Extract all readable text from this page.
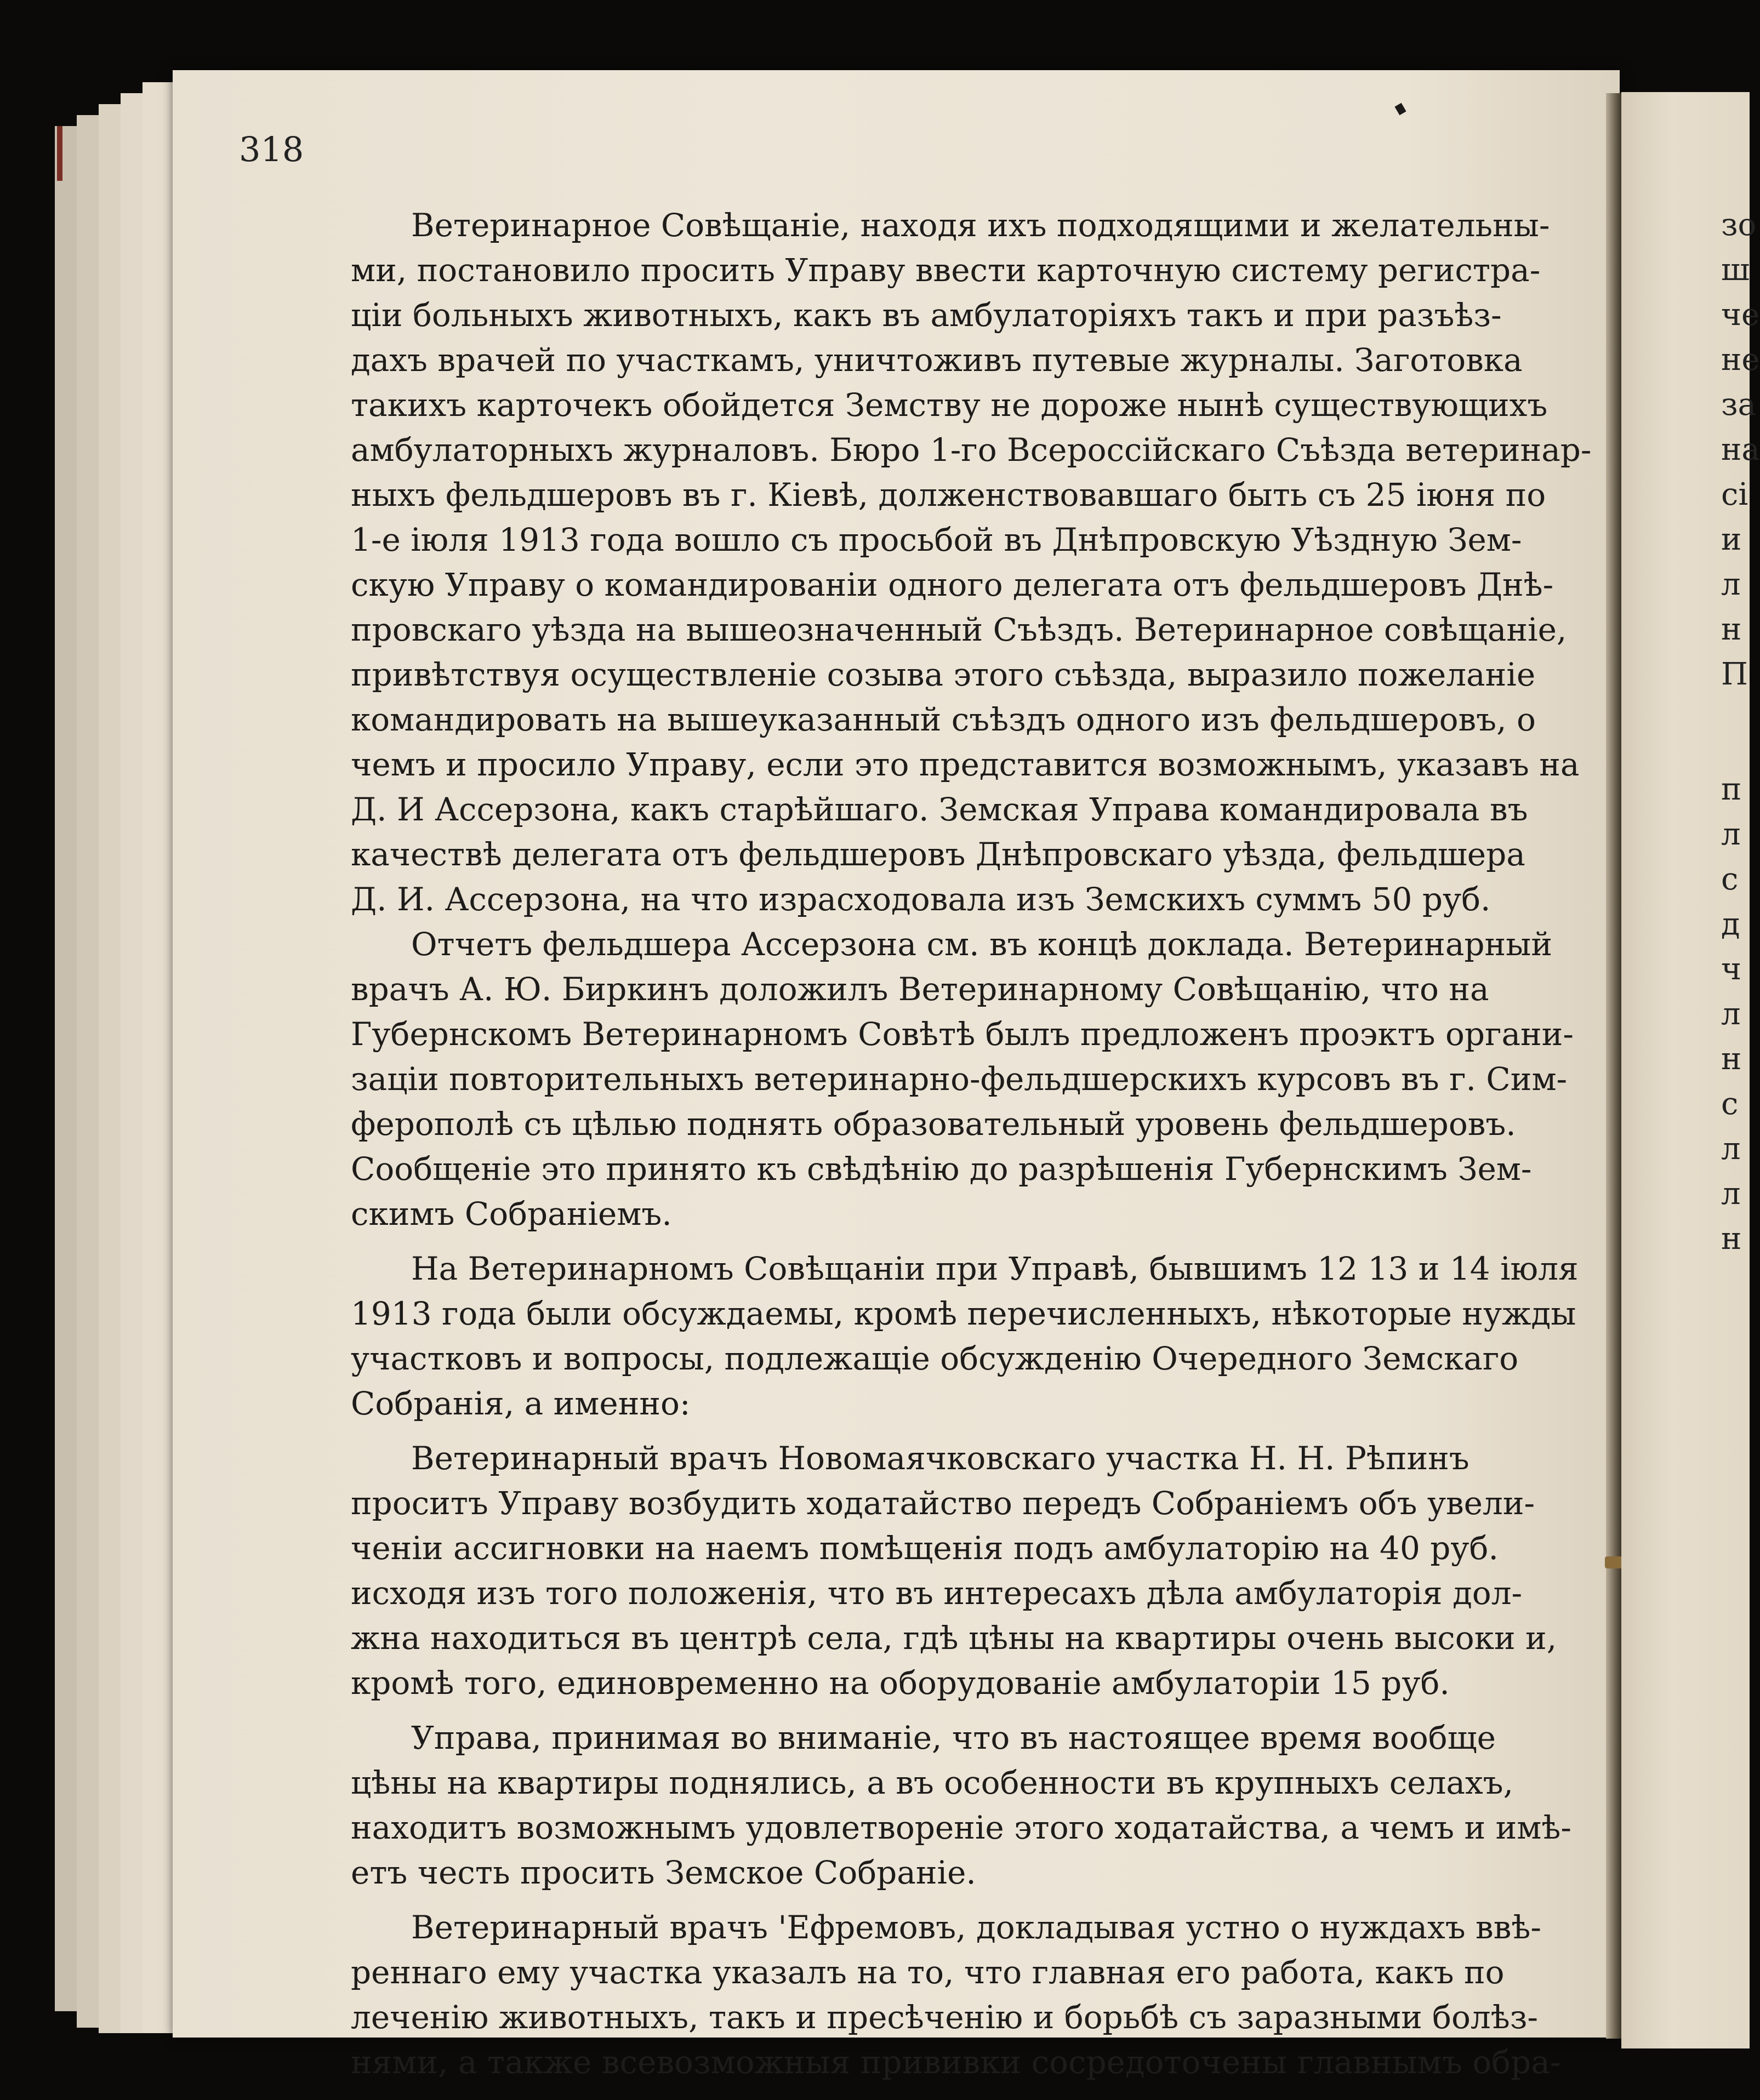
318
Ветеринарное Совѣщаніе, находя ихъ подходящими и желательны-
ми, постановило просить Управу ввести карточную систему регистра-
ціи больныхъ животныхъ, какъ въ амбулаторіяхъ такъ и при разъѣз-
дахъ врачей по участкамъ, уничтоживъ путевые журналы. Заготовка
такихъ карточекъ обойдется Земству не дороже нынѣ существующихъ
амбулаторныхъ журналовъ. Бюро 1-го Всероссійскаго Съѣзда ветеринар-
ныхъ фельдшеровъ въ г. Кіевѣ, долженствовавшаго быть съ 25 іюня по
1-е іюля 1913 года вошло съ просьбой въ Днѣпровскую Уѣздную Зем-
скую Управу о командированіи одного делегата отъ фельдшеровъ Днѣ-
провскаго уѣзда на вышеозначенный Съѣздъ. Ветеринарное совѣщаніе,
привѣтствуя осуществленіе созыва этого съѣзда, выразило пожеланіе
командировать на вышеуказанный съѣздъ одного изъ фельдшеровъ, о
чемъ и просило Управу, если это представится возможнымъ, указавъ на
Д. И Ассерзона, какъ старѣйшаго. Земская Управа командировала въ
качествѣ делегата отъ фельдшеровъ Днѣпровскаго уѣзда, фельдшера
Д. И. Ассерзона, на что израсходовала изъ Земскихъ суммъ 50 руб.
Отчетъ фельдшера Ассерзона см. въ концѣ доклада. Ветеринарный
врачъ А. Ю. Биркинъ доложилъ Ветеринарному Совѣщанію, что на
Губернскомъ Ветеринарномъ Совѣтѣ былъ предложенъ проэктъ органи-
заціи повторительныхъ ветеринарно-фельдшерскихъ курсовъ въ г. Сим-
ферополѣ съ цѣлью поднять образовательный уровень фельдшеровъ.
Сообщеніе это принято къ свѣдѣнію до разрѣшенія Губернскимъ Зем-
скимъ Собраніемъ.
На Ветеринарномъ Совѣщаніи при Управѣ, бывшимъ 12 13 и 14 іюля
1913 года были обсуждаемы, кромѣ перечисленныхъ, нѣкоторые нужды
участковъ и вопросы, подлежащіе обсужденію Очередного Земскаго
Собранія, а именно:
Ветеринарный врачъ Новомаячковскаго участка Н. Н. Рѣпинъ
проситъ Управу возбудить ходатайство передъ Собраніемъ объ увели-
ченіи ассигновки на наемъ помѣщенія подъ амбулаторію на 40 руб.
исходя изъ того положенія, что въ интересахъ дѣла амбулаторія дол-
жна находиться въ центрѣ села, гдѣ цѣны на квартиры очень высоки и,
кромѣ того, единовременно на оборудованіе амбулаторіи 15 руб.
Управа, принимая во вниманіе, что въ настоящее время вообще
цѣны на квартиры поднялись, а въ особенности въ крупныхъ селахъ,
находитъ возможнымъ удовлетвореніе этого ходатайства, а чемъ и имѣ-
етъ честь просить Земское Собраніе.
Ветеринарный врачъ 'Ефремовъ, докладывая устно о нуждахъ ввѣ-
реннаго ему участка указалъ на то, что главная его работа, какъ по
леченію животныхъ, такъ и пресѣченію и борьбѣ съ заразными болѣз-
нями, а также всевозможныя прививки сосредоточены главнымъ обра-
зо
ш
че
не
за
на
сі
и
л
н
П
п
л
с
д
ч
л
н
с
л
л
н
